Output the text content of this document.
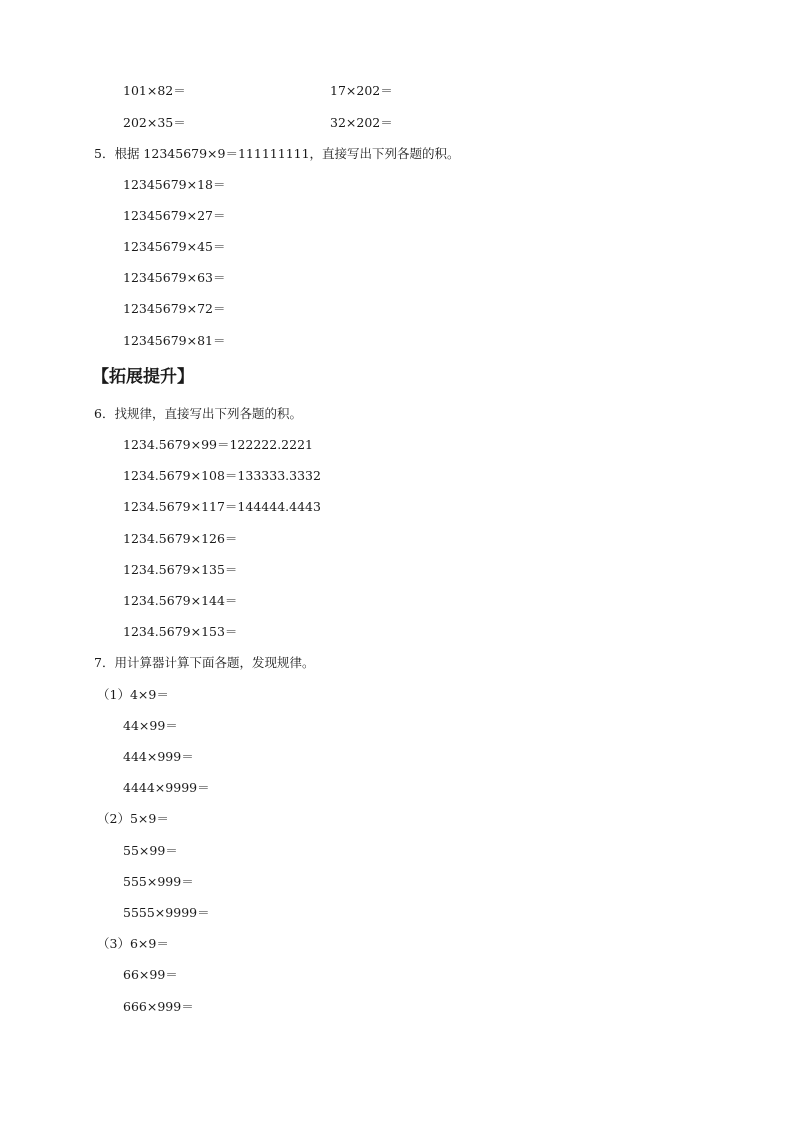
101×82＝	17×202＝
202×35＝	32×202＝
5．根据 12345679×9＝111111111，直接写出下列各题的积。
12345679×18＝
12345679×27＝
12345679×45＝
12345679×63＝
12345679×72＝
12345679×81＝
【拓展提升】
6．找规律，直接写出下列各题的积。
1234.5679×99＝122222.2221
1234.5679×108＝133333.3332
1234.5679×117＝144444.4443
1234.5679×126＝
1234.5679×135＝
1234.5679×144＝
1234.5679×153＝
7．用计算器计算下面各题，发现规律。
（1）4×9＝
44×99＝
444×999＝
4444×9999＝
（2）5×9＝
55×99＝
555×999＝
5555×9999＝
（3）6×9＝
66×99＝
666×999＝
